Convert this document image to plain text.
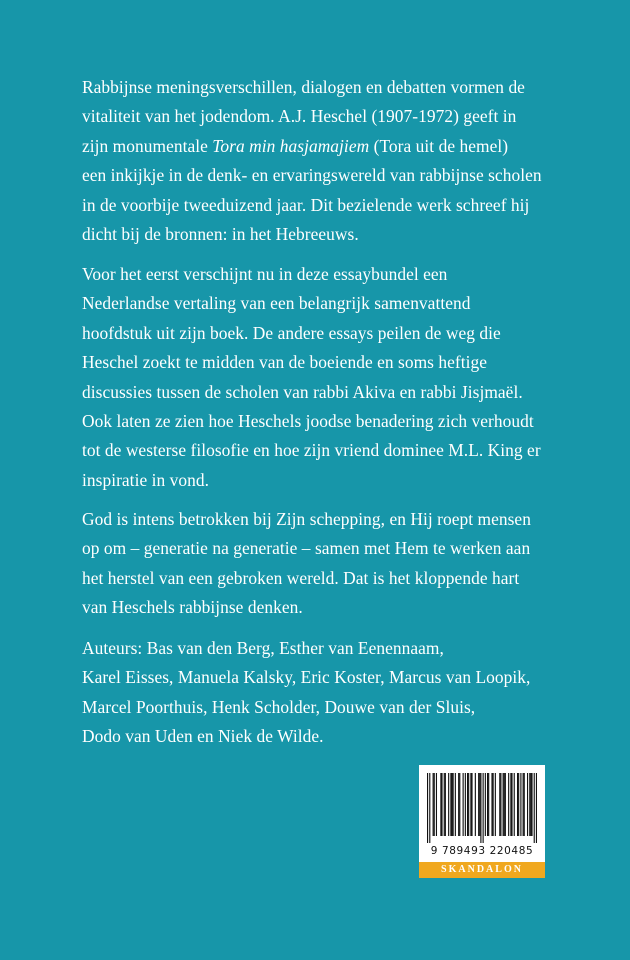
Rabbijnse meningsverschillen, dialogen en debatten vormen de
vitaliteit van het jodendom. A.J. Heschel (1907-1972) geeft in
zijn monumentale Tora min hasjamajiem (Tora uit de hemel)
een inkijkje in de denk- en ervaringswereld van rabbijnse scholen
in de voorbije tweeduizend jaar. Dit bezielende werk schreef hij
dicht bij de bronnen: in het Hebreeuws.
Voor het eerst verschijnt nu in deze essaybundel een
Nederlandse vertaling van een belangrijk samenvattend
hoofdstuk uit zijn boek. De andere essays peilen de weg die
Heschel zoekt te midden van de boeiende en soms heftige
discussies tussen de scholen van rabbi Akiva en rabbi Jisjmaël.
Ook laten ze zien hoe Heschels joodse benadering zich verhoudt
tot de westerse filosofie en hoe zijn vriend dominee M.L. King er
inspiratie in vond.
God is intens betrokken bij Zijn schepping, en Hij roept mensen
op om – generatie na generatie – samen met Hem te werken aan
het herstel van een gebroken wereld. Dat is het kloppende hart
van Heschels rabbijnse denken.
Auteurs: Bas van den Berg, Esther van Eenennaam,
Karel Eisses, Manuela Kalsky, Eric Koster, Marcus van Loopik,
Marcel Poorthuis, Henk Scholder, Douwe van der Sluis,
Dodo van Uden en Niek de Wilde.
9 789493 220485
SKANDALON
